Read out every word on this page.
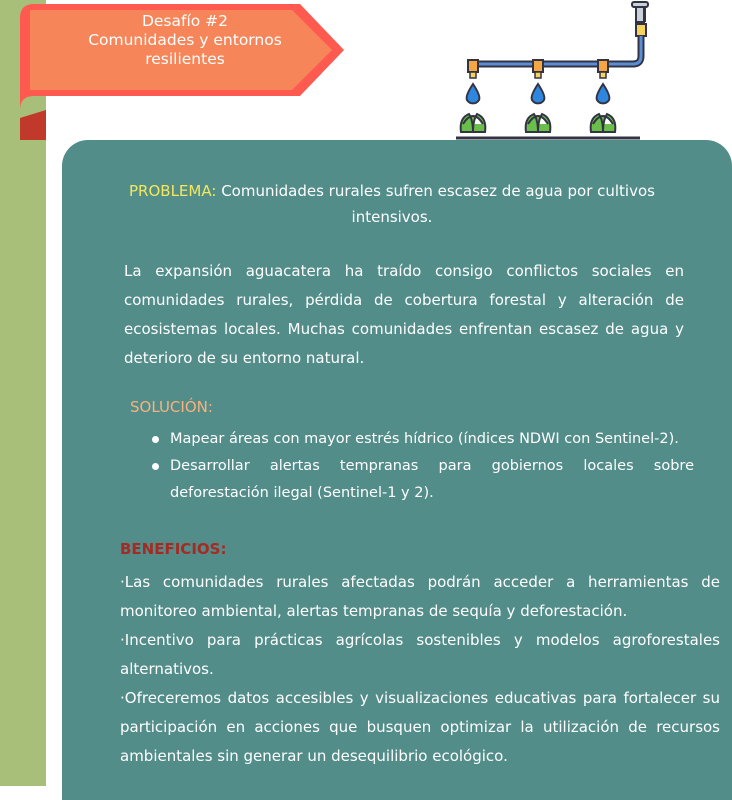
Desafío #2
Comunidades y entornos
resilientes
PROBLEMA: Comunidades rurales sufren escasez de agua por cultivos intensivos.
La expansión aguacatera ha traído consigo conflictos sociales en comunidades rurales, pérdida de cobertura forestal y alteración de ecosistemas locales. Muchas comunidades enfrentan escasez de agua y deterioro de su entorno natural.
SOLUCIÓN:
Mapear áreas con mayor estrés hídrico (índices NDWI con Sentinel-2).
Desarrollar alertas tempranas para gobiernos locales sobre deforestación ilegal (Sentinel-1 y 2).
BENEFICIOS:
·Las comunidades rurales afectadas podrán acceder a herramientas de monitoreo ambiental, alertas tempranas de sequía y deforestación.
·Incentivo para prácticas agrícolas sostenibles y modelos agroforestales alternativos.
·Ofreceremos datos accesibles y visualizaciones educativas para fortalecer su participación en acciones que busquen optimizar la utilización de recursos ambientales sin generar un desequilibrio ecológico.
